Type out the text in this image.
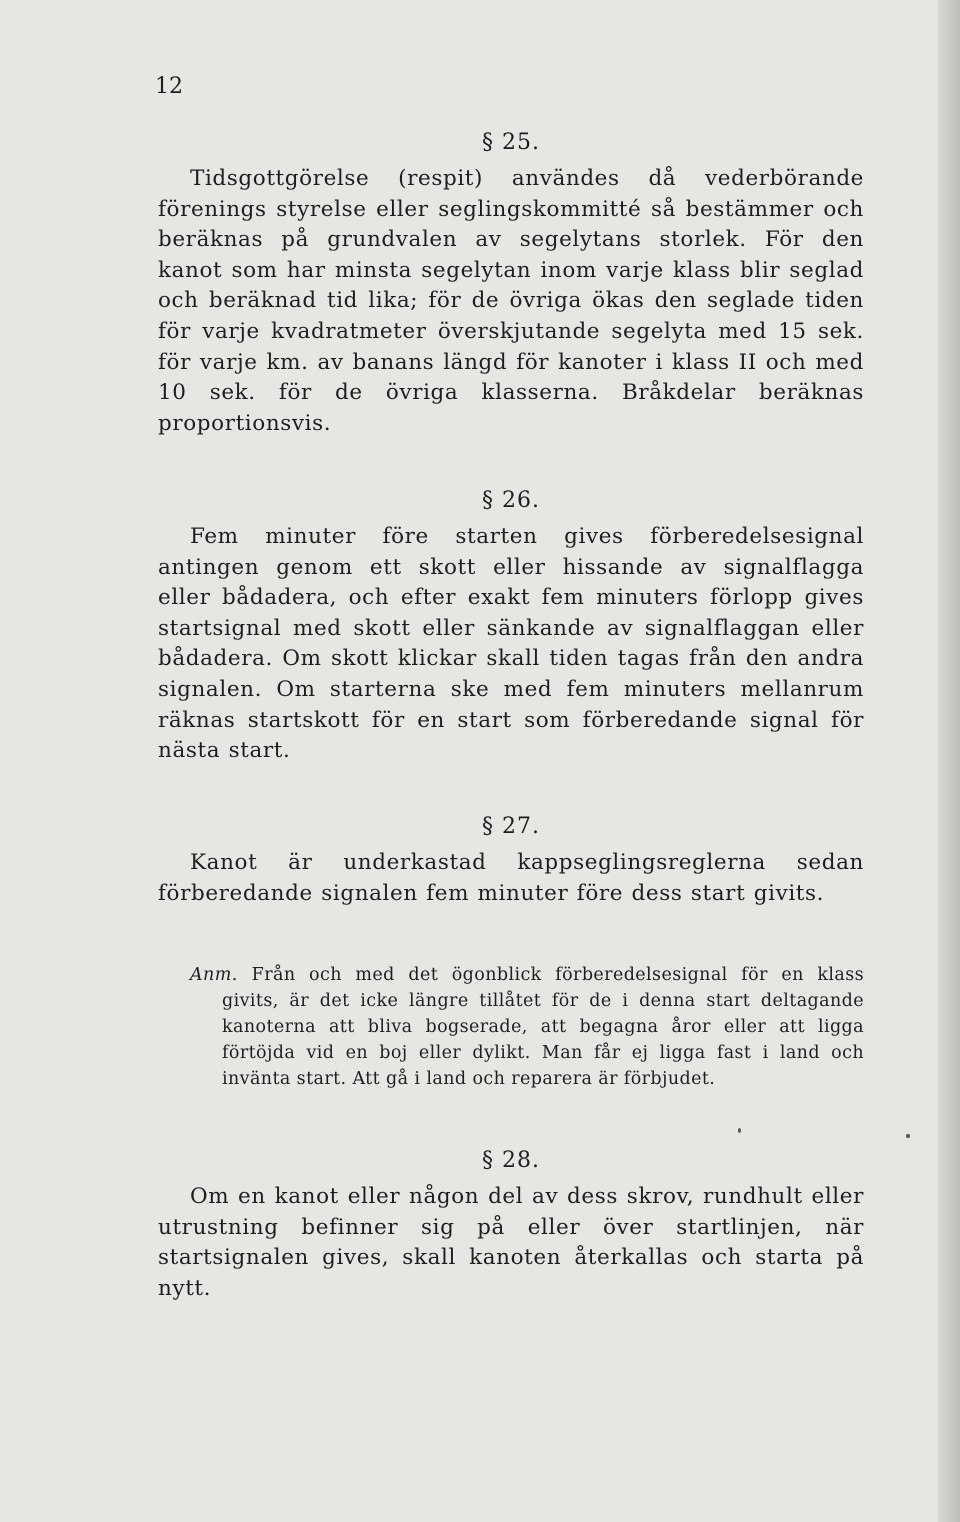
12
§ 25.

Tidsgottgörelse (respit) användes då vederbörande förenings styrelse eller seglingskommitté så bestämmer och beräknas på grundvalen av segelytans storlek. För den kanot som har minsta segelytan inom varje klass blir seglad och beräknad tid lika; för de övriga ökas den seglade tiden för varje kvadratmeter överskjutande segelyta med 15 sek. för varje km. av banans längd för kanoter i klass II och med 10 sek. för de övriga klasserna. Bråkdelar beräknas proportionsvis.

§ 26.

Fem minuter före starten gives förberedelsesignal antingen genom ett skott eller hissande av signalflagga eller bådadera, och efter exakt fem minuters förlopp gives startsignal med skott eller sänkande av signalflaggan eller bådadera. Om skott klickar skall tiden tagas från den andra signalen. Om starterna ske med fem minuters mellanrum räknas startskott för en start som förberedande signal för nästa start.

§ 27.

Kanot är underkastad kappseglingsreglerna sedan förberedande signalen fem minuter före dess start givits.

Anm. Från och med det ögonblick förberedelsesignal för en klass givits, är det icke längre tillåtet för de i denna start deltagande kanoterna att bliva bogserade, att begagna åror eller att ligga förtöjda vid en boj eller dylikt. Man får ej ligga fast i land och invänta start. Att gå i land och reparera är förbjudet.

§ 28.

Om en kanot eller någon del av dess skrov, rundhult eller utrustning befinner sig på eller över startlinjen, när startsignalen gives, skall kanoten återkallas och starta på nytt.
